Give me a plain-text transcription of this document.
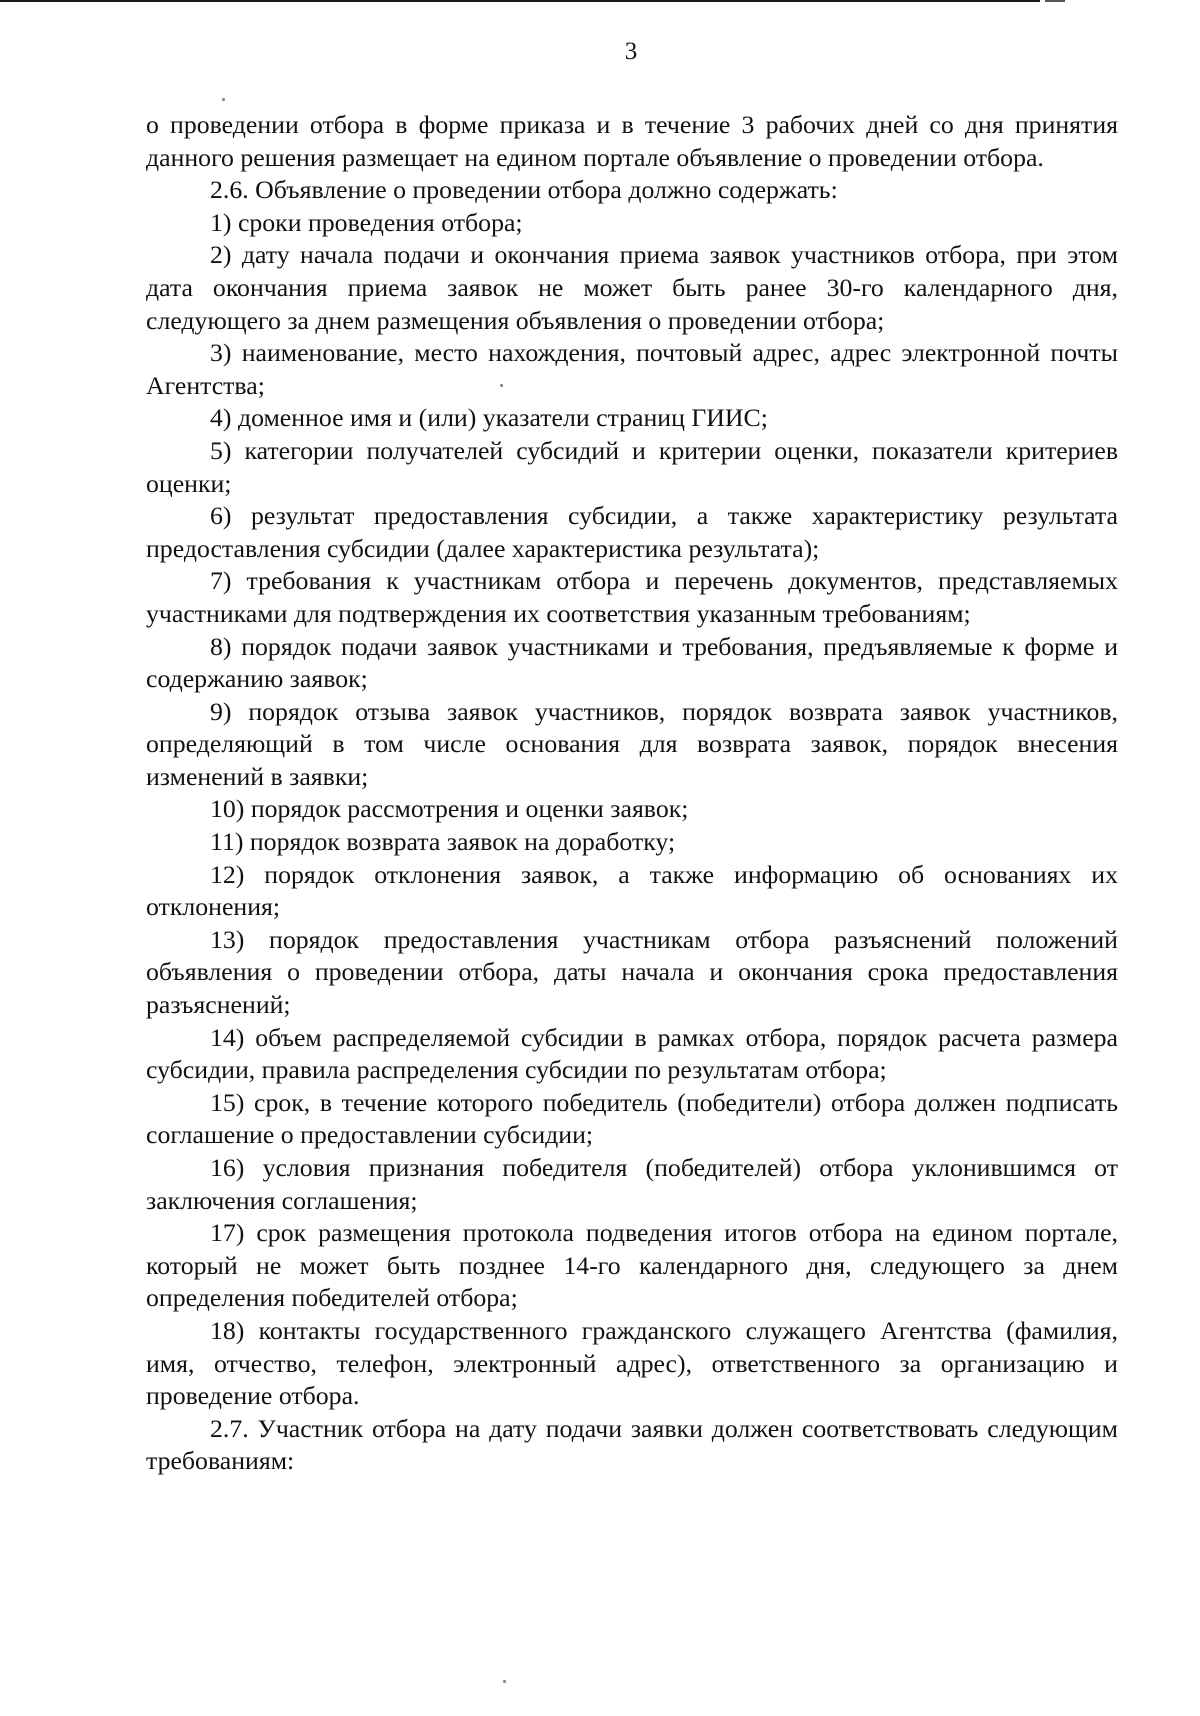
3

о проведении отбора в форме приказа и в течение 3 рабочих дней со дня принятия данного решения размещает на едином портале объявление о проведении отбора.

2.6. Объявление о проведении отбора должно содержать:

1) сроки проведения отбора;

2) дату начала подачи и окончания приема заявок участников отбора, при этом дата окончания приема заявок не может быть ранее 30-го календарного дня, следующего за днем размещения объявления о проведении отбора;

3) наименование, место нахождения, почтовый адрес, адрес электронной почты Агентства;

4) доменное имя и (или) указатели страниц ГИИС;

5) категории получателей субсидий и критерии оценки, показатели критериев оценки;

6) результат предоставления субсидии, а также характеристику результата предоставления субсидии (далее характеристика результата);

7) требования к участникам отбора и перечень документов, представляемых участниками для подтверждения их соответствия указанным требованиям;

8) порядок подачи заявок участниками и требования, предъявляемые к форме и содержанию заявок;

9) порядок отзыва заявок участников, порядок возврата заявок участников, определяющий в том числе основания для возврата заявок, порядок внесения изменений в заявки;

10) порядок рассмотрения и оценки заявок;

11) порядок возврата заявок на доработку;

12) порядок отклонения заявок, а также информацию об основаниях их отклонения;

13) порядок предоставления участникам отбора разъяснений положений объявления о проведении отбора, даты начала и окончания срока предоставления разъяснений;

14) объем распределяемой субсидии в рамках отбора, порядок расчета размера субсидии, правила распределения субсидии по результатам отбора;

15) срок, в течение которого победитель (победители) отбора должен подписать соглашение о предоставлении субсидии;

16) условия признания победителя (победителей) отбора уклонившимся от заключения соглашения;

17) срок размещения протокола подведения итогов отбора на едином портале, который не может быть позднее 14-го календарного дня, следующего за днем определения победителей отбора;

18) контакты государственного гражданского служащего Агентства (фамилия, имя, отчество, телефон, электронный адрес), ответственного за организацию и проведение отбора.

2.7. Участник отбора на дату подачи заявки должен соответствовать следующим требованиям:
